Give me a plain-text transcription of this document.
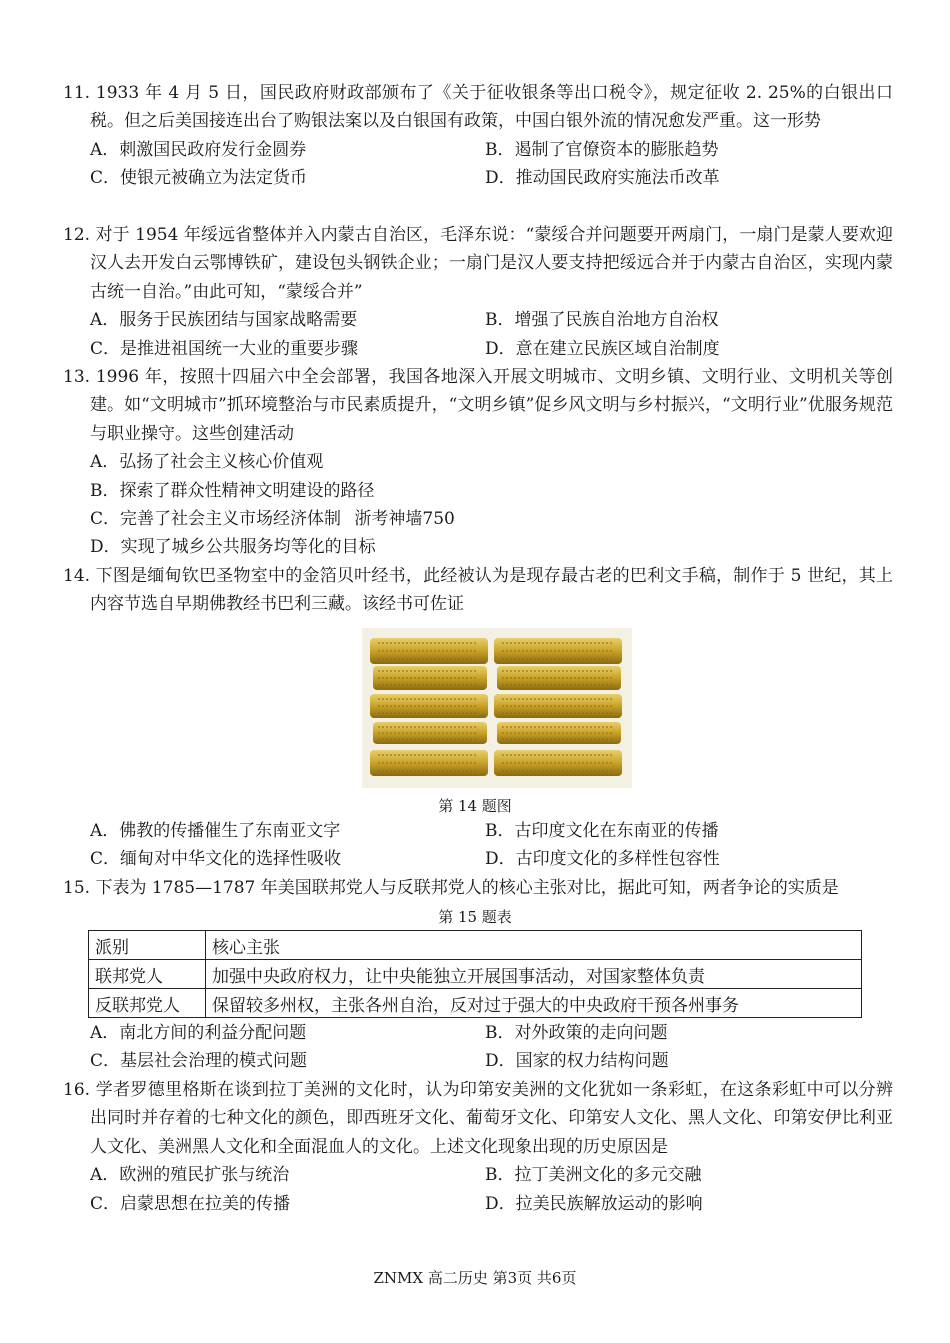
11. 1933 年 4 月 5 日，国民政府财政部颁布了《关于征收银条等出口税令》，规定征收 2. 25%的白银出口税。但之后美国接连出台了购银法案以及白银国有政策，中国白银外流的情况愈发严重。这一形势

A．刺激国民政府发行金圆券	B．遏制了官僚资本的膨胀趋势
C．使银元被确立为法定货币	D．推动国民政府实施法币改革

12. 对于 1954 年绥远省整体并入内蒙古自治区，毛泽东说：“蒙绥合并问题要开两扇门，一扇门是蒙人要欢迎汉人去开发白云鄂博铁矿，建设包头钢铁企业；一扇门是汉人要支持把绥远合并于内蒙古自治区，实现内蒙古统一自治。”由此可知，“蒙绥合并”

A．服务于民族团结与国家战略需要	B．增强了民族自治地方自治权
C．是推进祖国统一大业的重要步骤	D．意在建立民族区域自治制度

13. 1996 年，按照十四届六中全会部署，我国各地深入开展文明城市、文明乡镇、文明行业、文明机关等创建。如“文明城市”抓环境整治与市民素质提升，“文明乡镇”促乡风文明与乡村振兴，“文明行业”优服务规范与职业操守。这些创建活动

A．弘扬了社会主义核心价值观
B．探索了群众性精神文明建设的路径
C．完善了社会主义市场经济体制 浙考神墙750
D．实现了城乡公共服务均等化的目标

14. 下图是缅甸钦巴圣物室中的金箔贝叶经书，此经被认为是现存最古老的巴利文手稿，制作于 5 世纪，其上内容节选自早期佛教经书巴利三藏。该经书可佐证

第 14 题图
A．佛教的传播催生了东南亚文字	B．古印度文化在东南亚的传播
C．缅甸对中华文化的选择性吸收	D．古印度文化的多样性包容性

15. 下表为 1785—1787 年美国联邦党人与反联邦党人的核心主张对比，据此可知，两者争论的实质是

第 15 题表
派别	核心主张
联邦党人	加强中央政府权力，让中央能独立开展国事活动，对国家整体负责
反联邦党人	保留较多州权，主张各州自治，反对过于强大的中央政府干预各州事务
A．南北方间的利益分配问题	B．对外政策的走向问题
C．基层社会治理的模式问题	D．国家的权力结构问题

16. 学者罗德里格斯在谈到拉丁美洲的文化时，认为印第安美洲的文化犹如一条彩虹，在这条彩虹中可以分辨出同时并存着的七种文化的颜色，即西班牙文化、葡萄牙文化、印第安人文化、黑人文化、印第安伊比利亚人文化、美洲黑人文化和全面混血人的文化。上述文化现象出现的历史原因是

A．欧洲的殖民扩张与统治	B．拉丁美洲文化的多元交融
C．启蒙思想在拉美的传播	D．拉美民族解放运动的影响
ZNMX 高二历史 第3页 共6页
